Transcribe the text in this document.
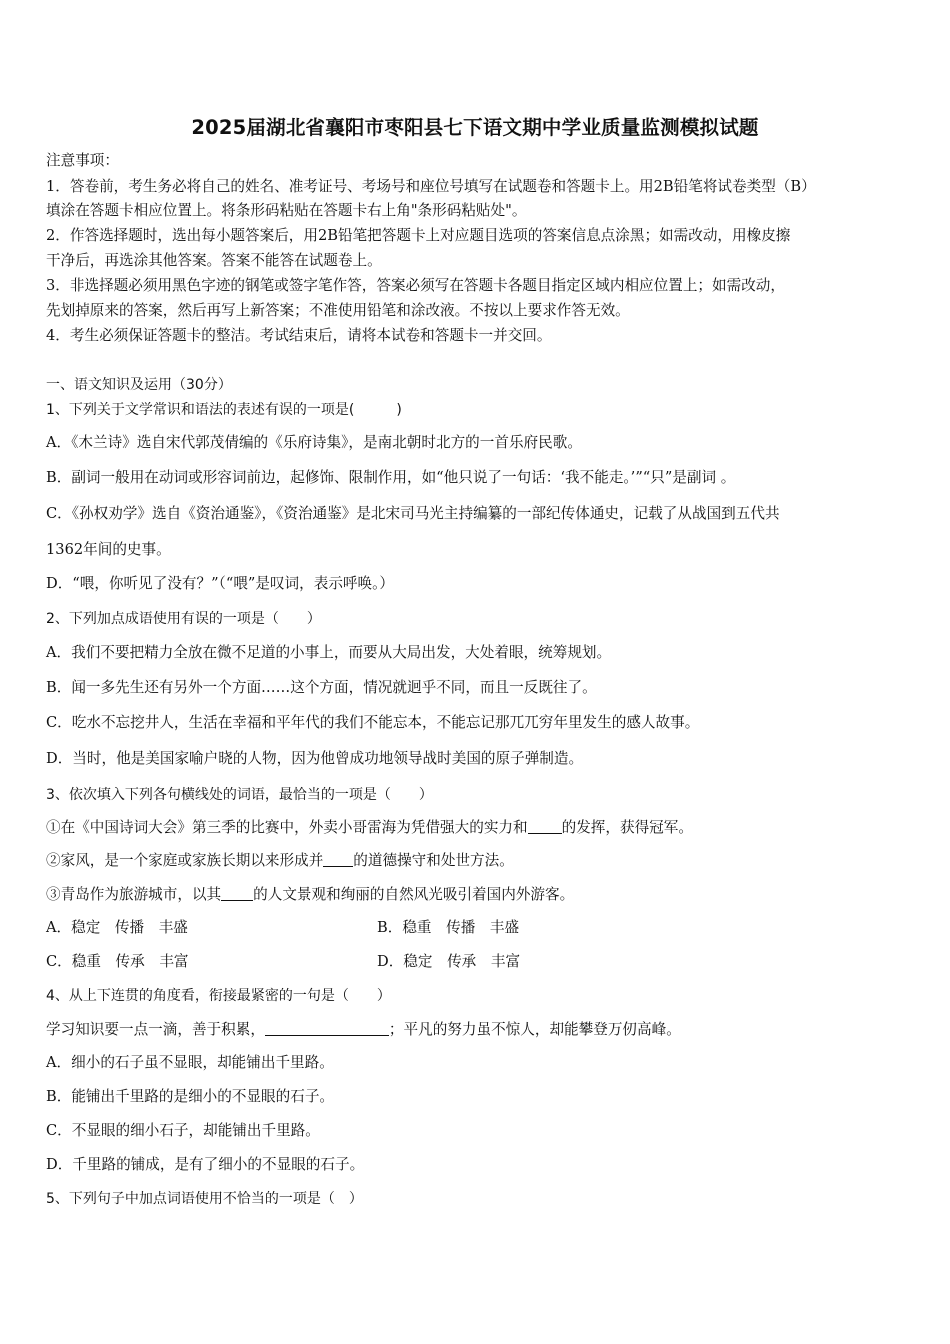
2025届湖北省襄阳市枣阳县七下语文期中学业质量监测模拟试题
注意事项：
1．答卷前，考生务必将自己的姓名、准考证号、考场号和座位号填写在试题卷和答题卡上。用2B铅笔将试卷类型（B）
填涂在答题卡相应位置上。将条形码粘贴在答题卡右上角"条形码粘贴处"。
2．作答选择题时，选出每小题答案后，用2B铅笔把答题卡上对应题目选项的答案信息点涂黑；如需改动，用橡皮擦
干净后，再选涂其他答案。答案不能答在试题卷上。
3．非选择题必须用黑色字迹的钢笔或签字笔作答，答案必须写在答题卡各题目指定区域内相应位置上；如需改动，
先划掉原来的答案，然后再写上新答案；不准使用铅笔和涂改液。不按以上要求作答无效。
4．考生必须保证答题卡的整洁。考试结束后，请将本试卷和答题卡一并交回。
一、语文知识及运用（30分）
1、下列关于文学常识和语法的表述有误的一项是(　　　)
A．《木兰诗》选自宋代郭茂倩编的《乐府诗集》，是南北朝时北方的一首乐府民歌。
B．副词一般用在动词或形容词前边，起修饰、限制作用，如“他只说了一句话：‘我不能走。’”“只”是副词 。
C．《孙权劝学》选自《资治通鉴》，《资治通鉴》是北宋司马光主持编纂的一部纪传体通史，记载了从战国到五代共
1362年间的史事。
D．“喂，你听见了没有？”（“喂”是叹词，表示呼唤。）
2、下列加点成语使用有误的一项是（　　）
A．我们不要把精力全放在微不足道的小事上，而要从大局出发，大处着眼，统筹规划。
B．闻一多先生还有另外一个方面……这个方面，情况就迥乎不同，而且一反既往了。
C．吃水不忘挖井人，生活在幸福和平年代的我们不能忘本，不能忘记那兀兀穷年里发生的感人故事。
D．当时，他是美国家喻户晓的人物，因为他曾成功地领导战时美国的原子弹制造。
3、依次填入下列各句横线处的词语，最恰当的一项是（　　）
①在《中国诗词大会》第三季的比赛中，外卖小哥雷海为凭借强大的实力和 的发挥，获得冠军。
②家风，是一个家庭或家族长期以来形成并 的道德操守和处世方法。
③青岛作为旅游城市，以其 的人文景观和绚丽的自然风光吸引着国内外游客。
A．稳定　传播　丰盛	B．稳重　传播　丰盛
C．稳重　传承　丰富	D．稳定　传承　丰富
4、从上下连贯的角度看，衔接最紧密的一句是（　　）
学习知识要一点一滴，善于积累，	；平凡的努力虽不惊人，却能攀登万仞高峰。
A．细小的石子虽不显眼，却能铺出千里路。
B．能铺出千里路的是细小的不显眼的石子。
C．不显眼的细小石子，却能铺出千里路。
D．千里路的铺成，是有了细小的不显眼的石子。
5、下列句子中加点词语使用不恰当的一项是（　）
